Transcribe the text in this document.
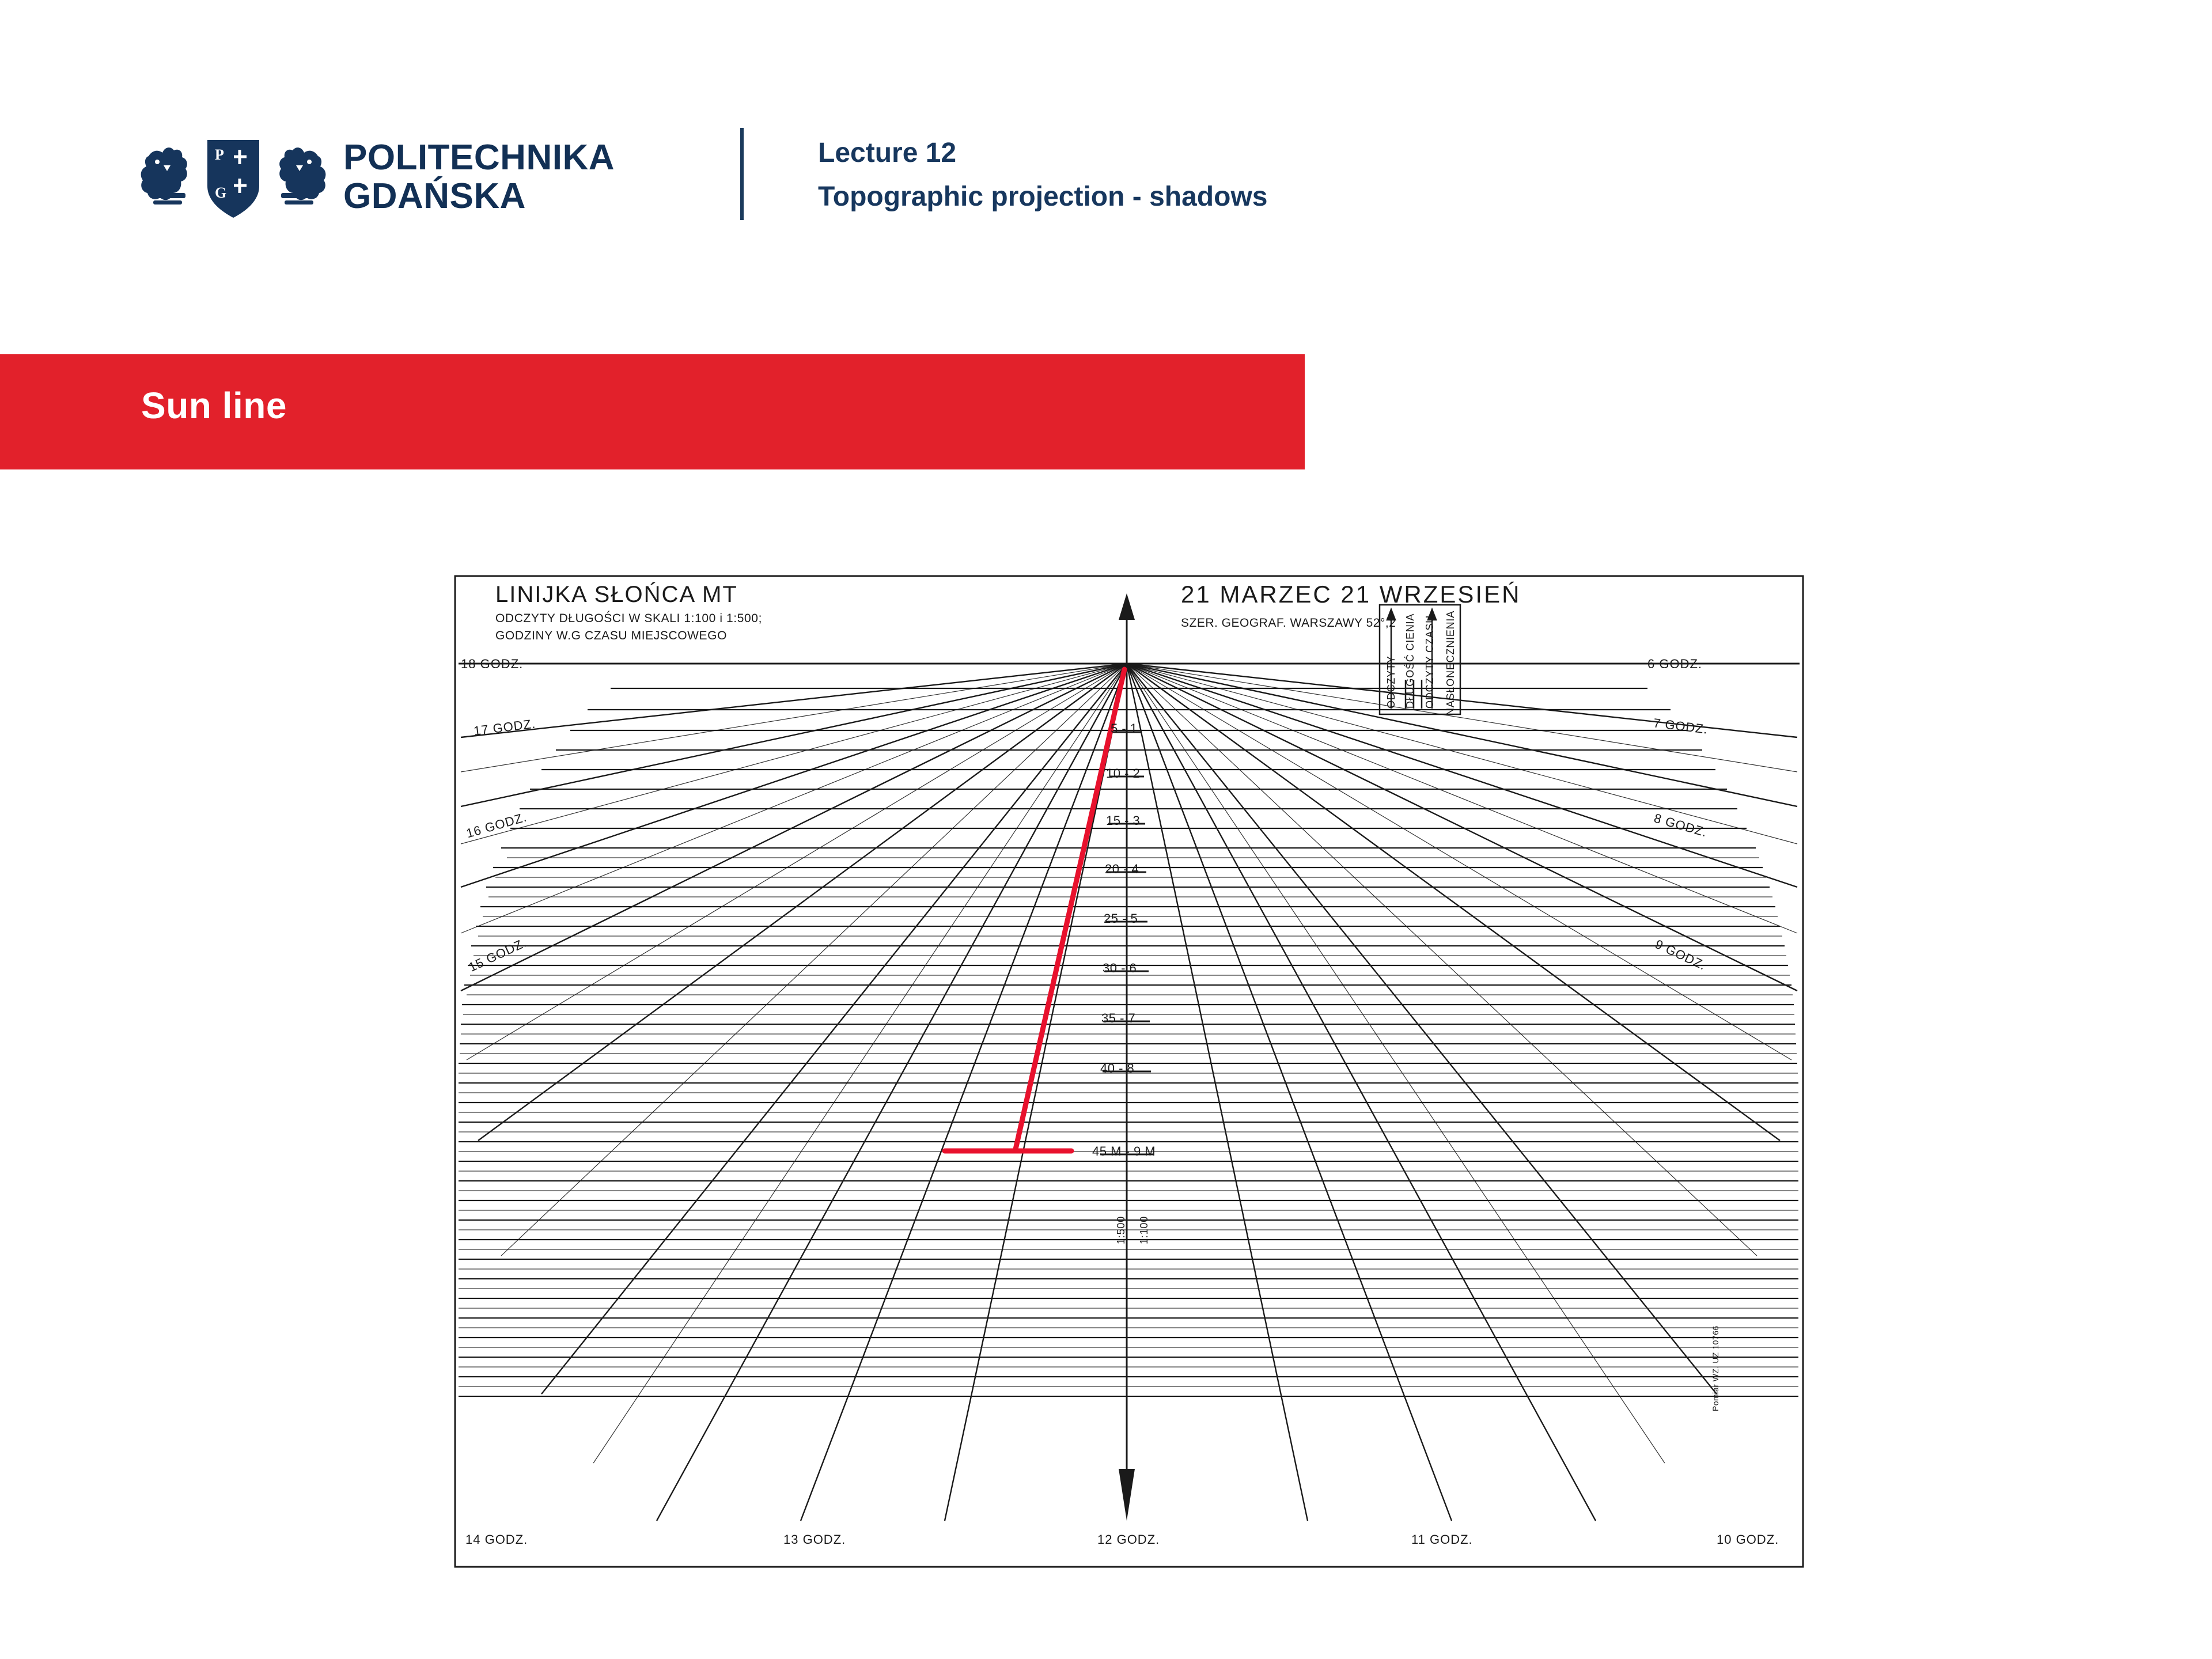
P
G
POLITECHNIKA
GDAŃSKA
Lecture 12
Topographic projection - shadows
Sun line
LINIJKA SŁOŃCA MT
ODCZYTY DŁUGOŚCI W SKALI 1:100 i 1:500;
GODZINY W.G CZASU MIEJSCOWEGO
21 MARZEC 21 WRZESIEŃ
SZER. GEOGRAF. WARSZAWY 52°,2
18 GODZ.
17 GODZ.
16 GODZ.
15 GODZ.
6 GODZ.
7 GODZ.
8 GODZ.
9 GODZ.
14 GODZ.	13 GODZ.	12 GODZ.	11 GODZ.	10 GODZ.
5 - 1
10 - 2
15 - 3
20 - 4
25 - 5
30 - 6
35 - 7
40 - 8
45 M - 9 M
1:500 1:100
ODCZYTY DŁUGOŚĆ CIENIA ODCZYTY CZASU NASŁONECZNIENIA
Pomiar WZ. UZ 10766
